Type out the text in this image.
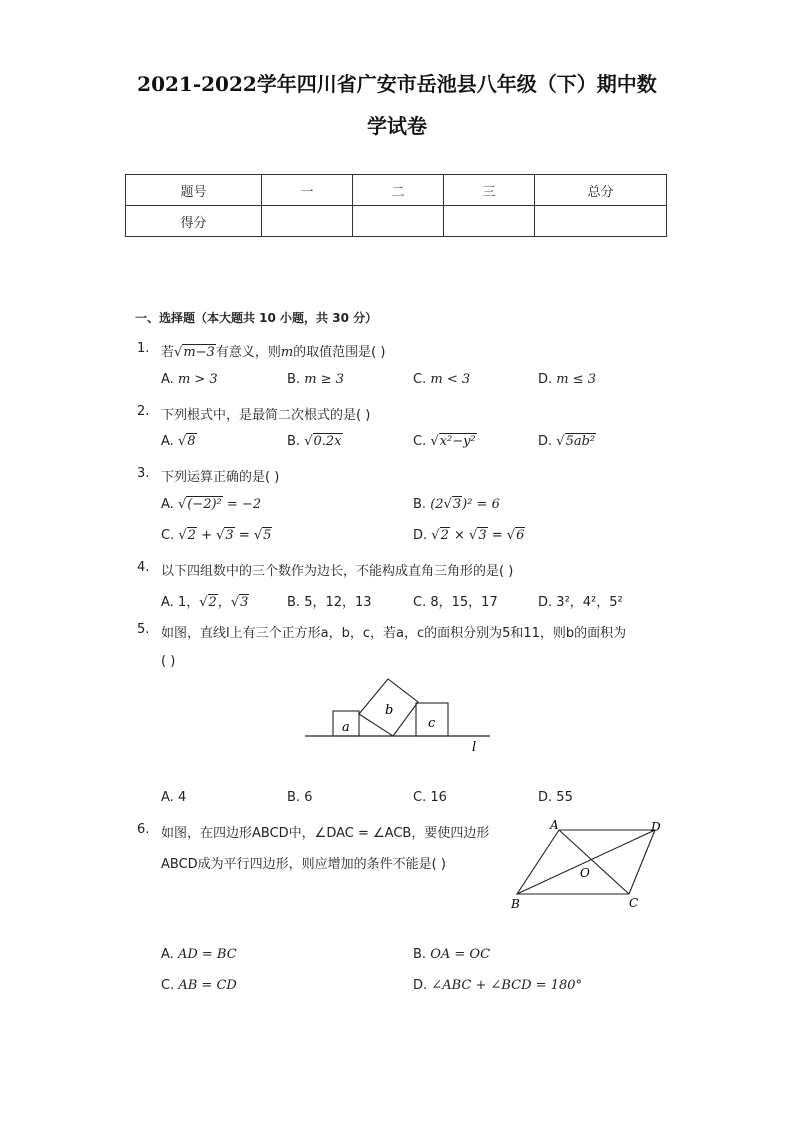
2021-2022学年四川省广安市岳池县八年级（下）期中数
学试卷
题号	一	二	三	总分
得分				
一、选择题（本大题共 10 小题，共 30 分）
1. 若√m−3有意义，则m的取值范围是( )
A. m > 3	B. m ≥ 3	C. m < 3	D. m ≤ 3
2. 下列根式中，是最简二次根式的是( )
A. √8	B. √0.2x	C. √x²−y²	D. √5ab²
3. 下列运算正确的是( )
A. √(−2)² = −2	B. (2√3)² = 6
C. √2 + √3 = √5	D. √2 × √3 = √6
4. 以下四组数中的三个数作为边长，不能构成直角三角形的是( )
A. 1，√2，√3	B. 5，12，13	C. 8，15，17	D. 3²，4²，5²
5. 如图，直线l上有三个正方形a，b，c，若a，c的面积分别为5和11，则b的面积为
( )
a
b
c
l
A. 4	B. 6	C. 16	D. 55
6. 如图，在四边形ABCD中，∠DAC = ∠ACB，要使四边形
ABCD成为平行四边形，则应增加的条件不能是( )
A	D
B	C
O
A. AD = BC	B. OA = OC
C. AB = CD	D. ∠ABC + ∠BCD = 180°
